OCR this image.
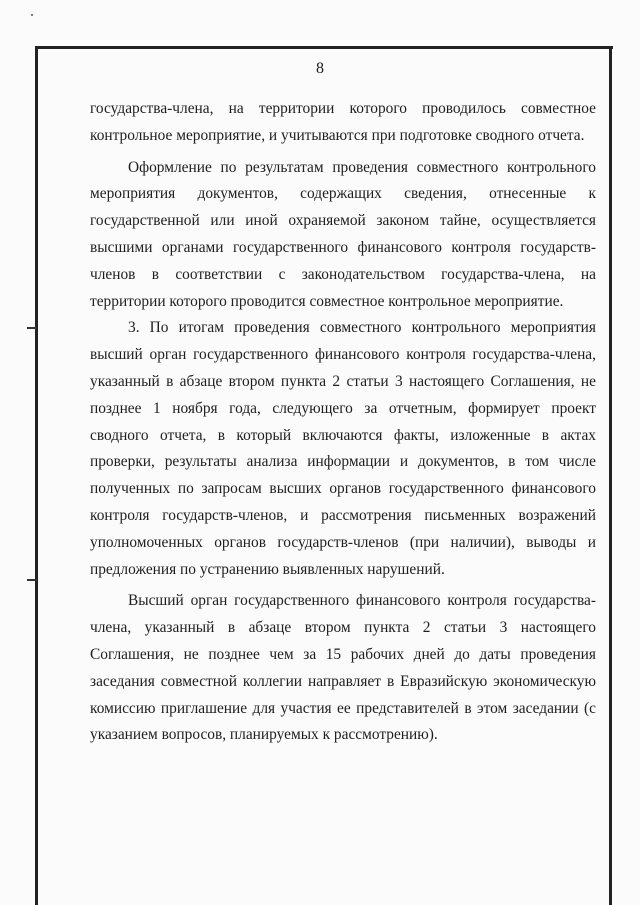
8

государства-члена, на территории которого проводилось совместное контрольное мероприятие, и учитываются при подготовке сводного отчета.

Оформление по результатам проведения совместного контрольного мероприятия документов, содержащих сведения, отнесенные к государственной или иной охраняемой законом тайне, осуществляется высшими органами государственного финансового контроля государств-членов в соответствии с законодательством государства-члена, на территории которого проводится совместное контрольное мероприятие.

3. По итогам проведения совместного контрольного мероприятия высший орган государственного финансового контроля государства-члена, указанный в абзаце втором пункта 2 статьи 3 настоящего Соглашения, не позднее 1 ноября года, следующего за отчетным, формирует проект сводного отчета, в который включаются факты, изложенные в актах проверки, результаты анализа информации и документов, в том числе полученных по запросам высших органов государственного финансового контроля государств-членов, и рассмотрения письменных возражений уполномоченных органов государств-членов (при наличии), выводы и предложения по устранению выявленных нарушений.

Высший орган государственного финансового контроля государства-члена, указанный в абзаце втором пункта 2 статьи 3 настоящего Соглашения, не позднее чем за 15 рабочих дней до даты проведения заседания совместной коллегии направляет в Евразийскую экономическую комиссию приглашение для участия ее представителей в этом заседании (с указанием вопросов, планируемых к рассмотрению).
